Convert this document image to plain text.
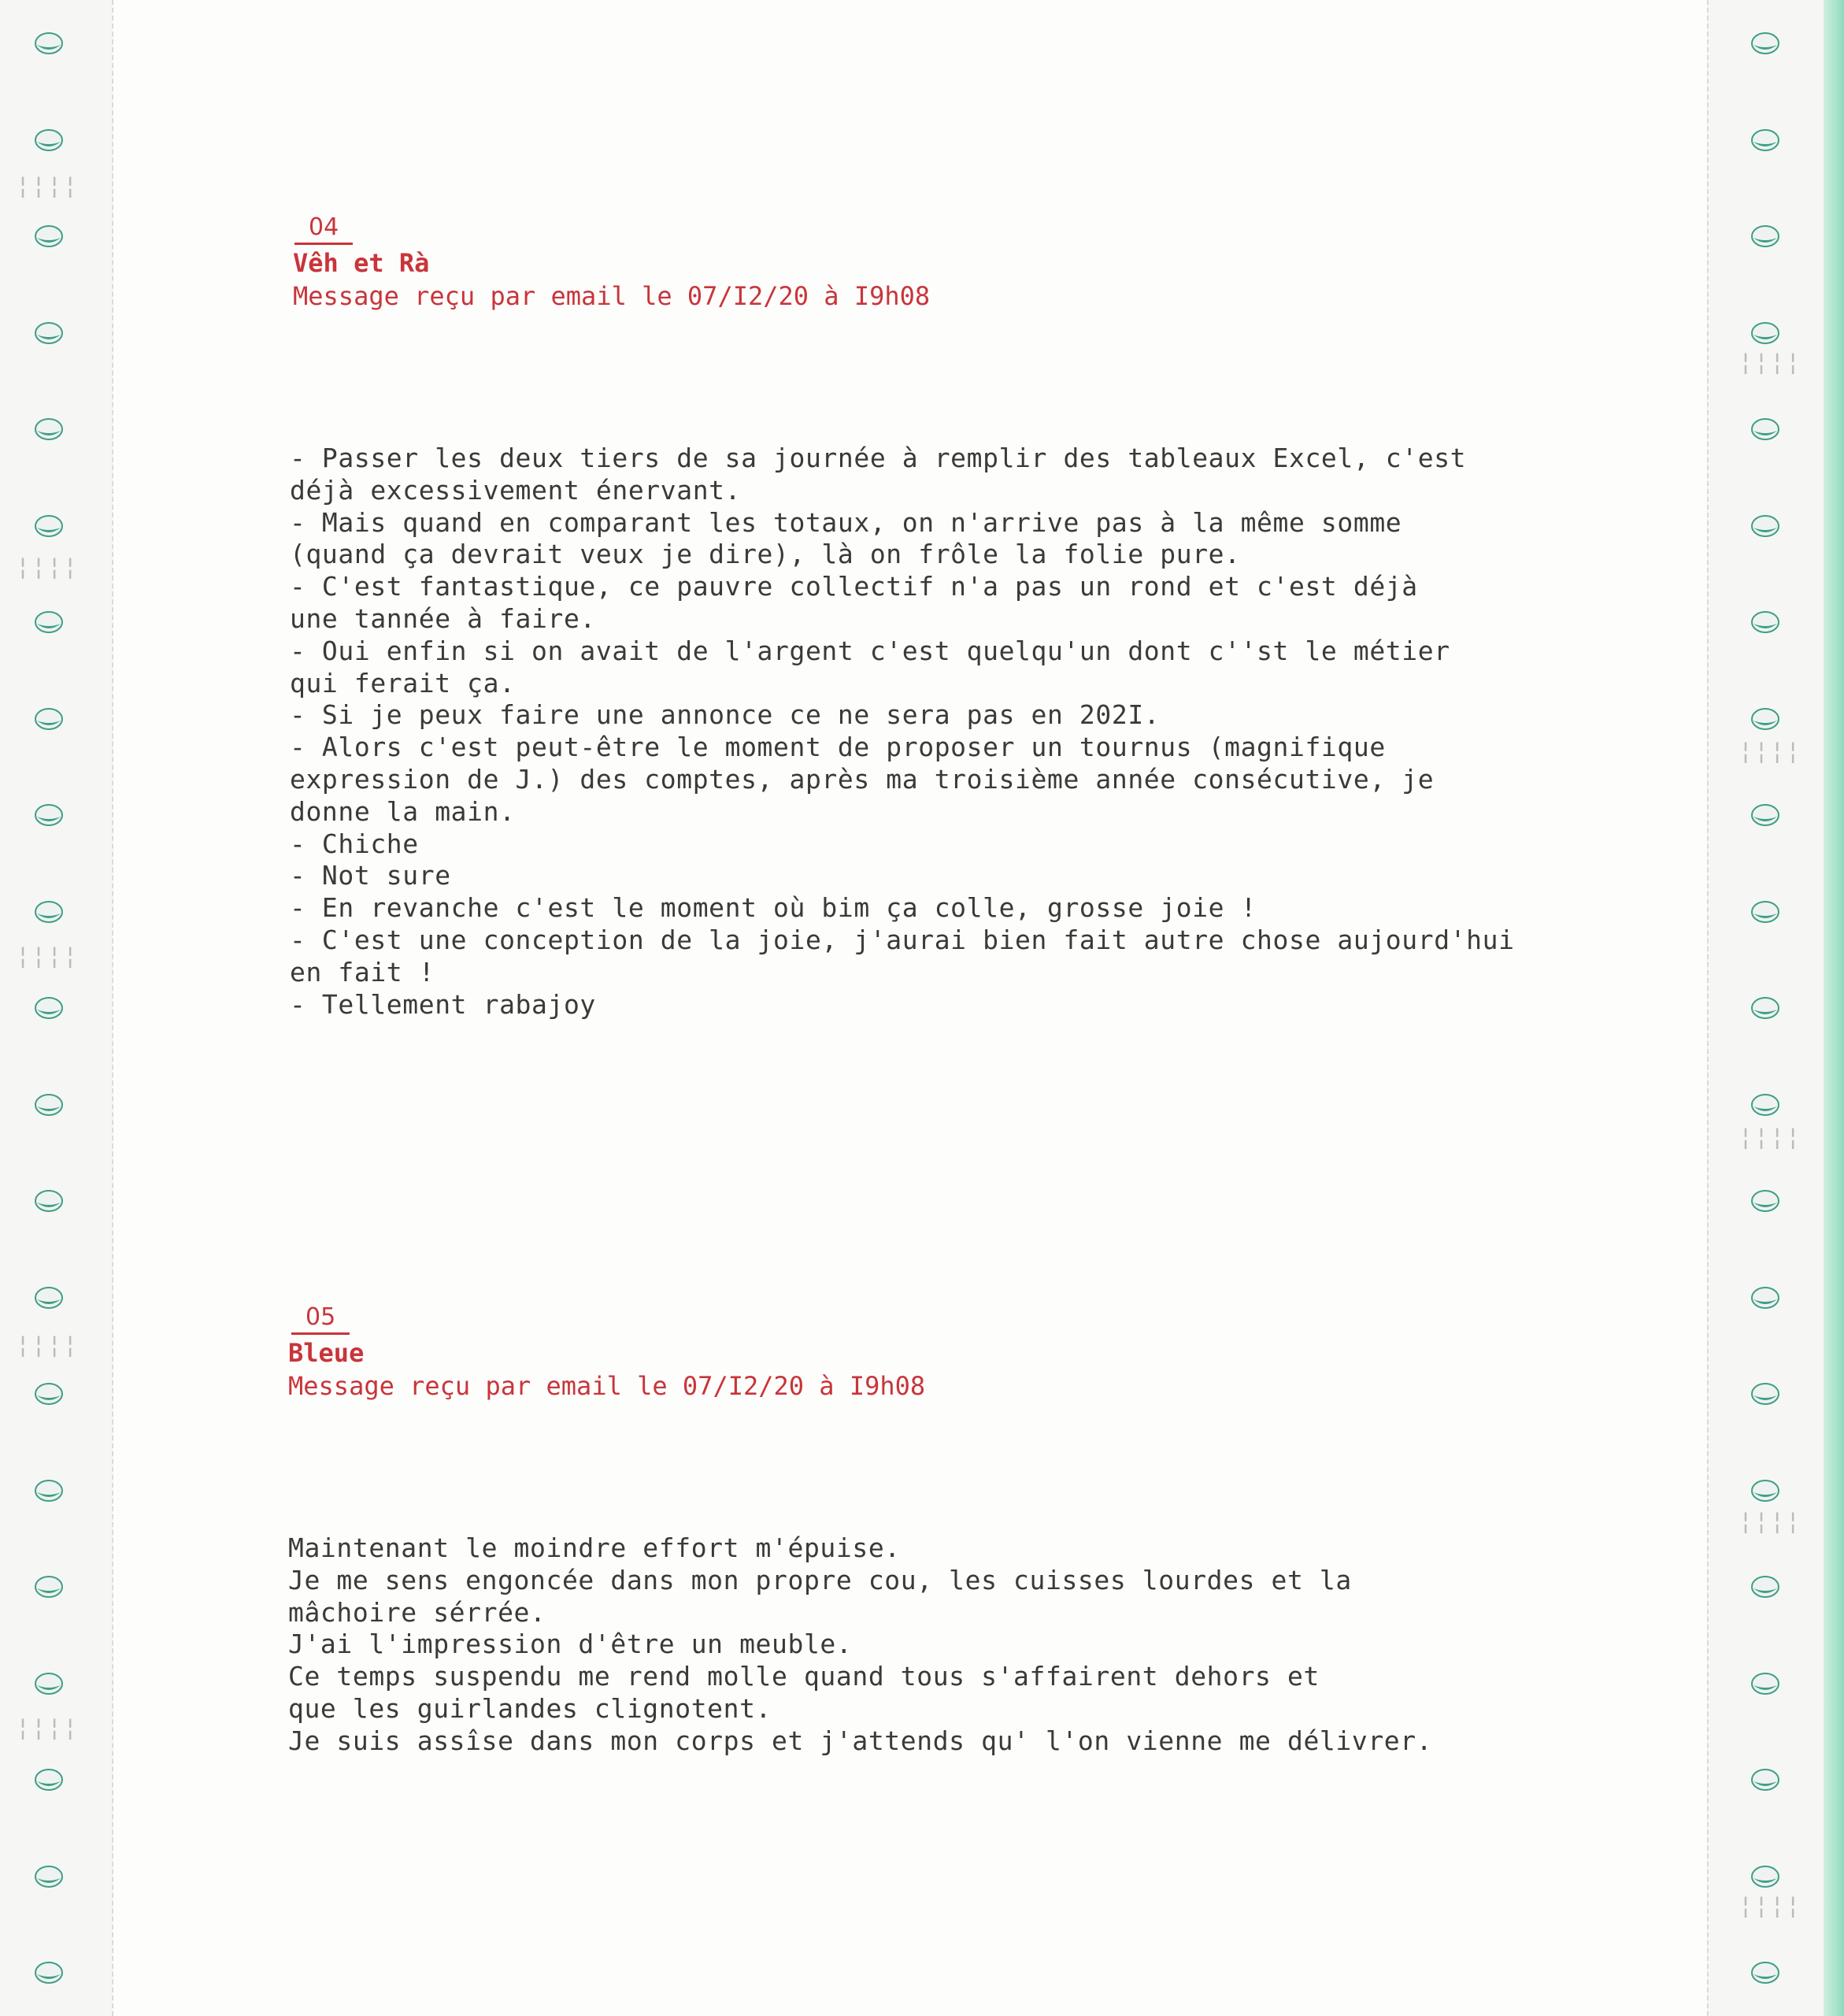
¦¦¦¦
¦¦¦¦
¦¦¦¦
¦¦¦¦
¦¦¦¦
¦¦¦¦
¦¦¦¦
¦¦¦¦
¦¦¦¦
¦¦¦¦
04
Vêh et Rà
Message reçu par email le 07/I2/20 à I9h08
- Passer les deux tiers de sa journée à remplir des tableaux Excel, c'est
déjà excessivement énervant.
- Mais quand en comparant les totaux, on n'arrive pas à la même somme
(quand ça devrait veux je dire), là on frôle la folie pure.
- C'est fantastique, ce pauvre collectif n'a pas un rond et c'est déjà
une tannée à faire.
- Oui enfin si on avait de l'argent c'est quelqu'un dont c''st le métier
qui ferait ça.
- Si je peux faire une annonce ce ne sera pas en 202I.
- Alors c'est peut-être le moment de proposer un tournus (magnifique
expression de J.) des comptes, après ma troisième année consécutive, je
donne la main.
- Chiche
- Not sure
- En revanche c'est le moment où bim ça colle, grosse joie !
- C'est une conception de la joie, j'aurai bien fait autre chose aujourd'hui
en fait !
- Tellement rabajoy
05
Bleue
Message reçu par email le 07/I2/20 à I9h08
Maintenant le moindre effort m'épuise.
Je me sens engoncée dans mon propre cou, les cuisses lourdes et la
mâchoire sérrée.
J'ai l'impression d'être un meuble.
Ce temps suspendu me rend molle quand tous s'affairent dehors et
que les guirlandes clignotent.
Je suis assîse dans mon corps et j'attends qu' l'on vienne me délivrer.
